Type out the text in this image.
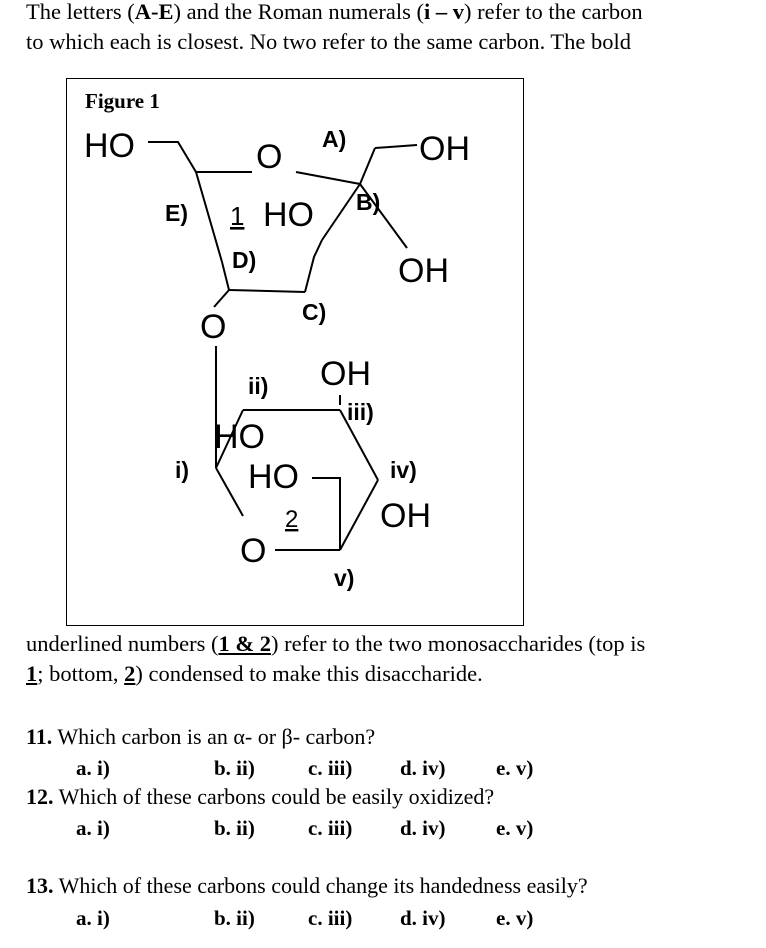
The letters (A-E) and the Roman numerals (i – v) refer to the carbon
to which each is closest. No two refer to the same carbon. The bold
Figure 1
HO	O	OH
HO
OH
O
OH
HO
HO
OH
O
1
2
A)
E)	B)
D)
C)
ii)
iii)
i)	iv)
v)
underlined numbers (1 & 2) refer to the two monosaccharides (top is
1; bottom, 2) condensed to make this disaccharide.
11. Which carbon is an α- or β- carbon?
a. i)	b. ii)	c. iii) d. iv) e. v)
12. Which of these carbons could be easily oxidized?
a. i)	b. ii)	c. iii) d. iv) e. v)
13. Which of these carbons could change its handedness easily?
a. i)	b. ii)	c. iii) d. iv) e. v)
